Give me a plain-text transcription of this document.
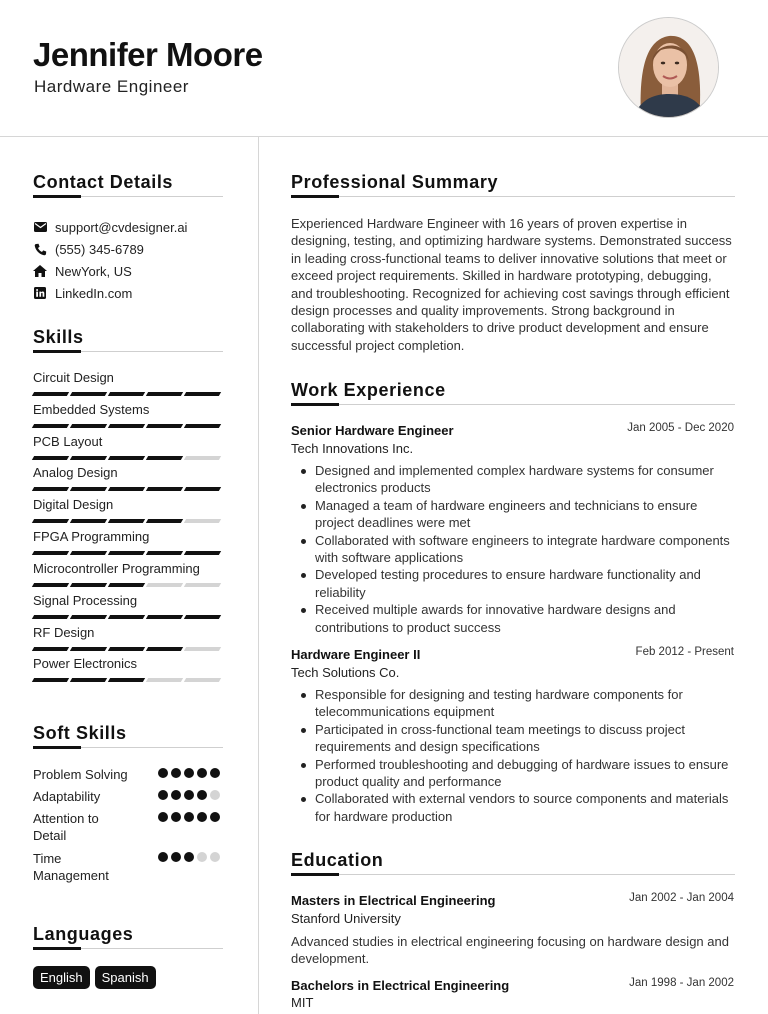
Jennifer Moore
Hardware Engineer
Contact Details
support@cvdesigner.ai
(555) 345-6789
NewYork, US
LinkedIn.com
Skills
Circuit Design
Embedded Systems
PCB Layout
Analog Design
Digital Design
FPGA Programming
Microcontroller Programming
Signal Processing
RF Design
Power Electronics
Soft Skills
Problem Solving
Adaptability
Attention to Detail
Time Management
Languages
English	Spanish
Professional Summary

Experienced Hardware Engineer with 16 years of proven expertise in designing, testing, and optimizing hardware systems. Demonstrated success in leading cross-functional teams to deliver innovative solutions that meet or exceed project requirements. Skilled in hardware prototyping, debugging, and troubleshooting. Recognized for achieving cost savings through efficient design processes and quality improvements. Strong background in collaborating with stakeholders to drive product development and ensure successful project completion.

Work Experience
Senior Hardware Engineer	Jan 2005 - Dec 2020
Tech Innovations Inc.
Designed and implemented complex hardware systems for consumer electronics products
Managed a team of hardware engineers and technicians to ensure project deadlines were met
Collaborated with software engineers to integrate hardware components with software applications
Developed testing procedures to ensure hardware functionality and reliability
Received multiple awards for innovative hardware designs and contributions to product success
Hardware Engineer II	Feb 2012 - Present
Tech Solutions Co.
Responsible for designing and testing hardware components for telecommunications equipment
Participated in cross-functional team meetings to discuss project requirements and design specifications
Performed troubleshooting and debugging of hardware issues to ensure product quality and performance
Collaborated with external vendors to source components and materials for hardware production
Education
Masters in Electrical Engineering	Jan 2002 - Jan 2004
Stanford University

Advanced studies in electrical engineering focusing on hardware design and development.

Bachelors in Electrical Engineering	Jan 1998 - Jan 2002
MIT
